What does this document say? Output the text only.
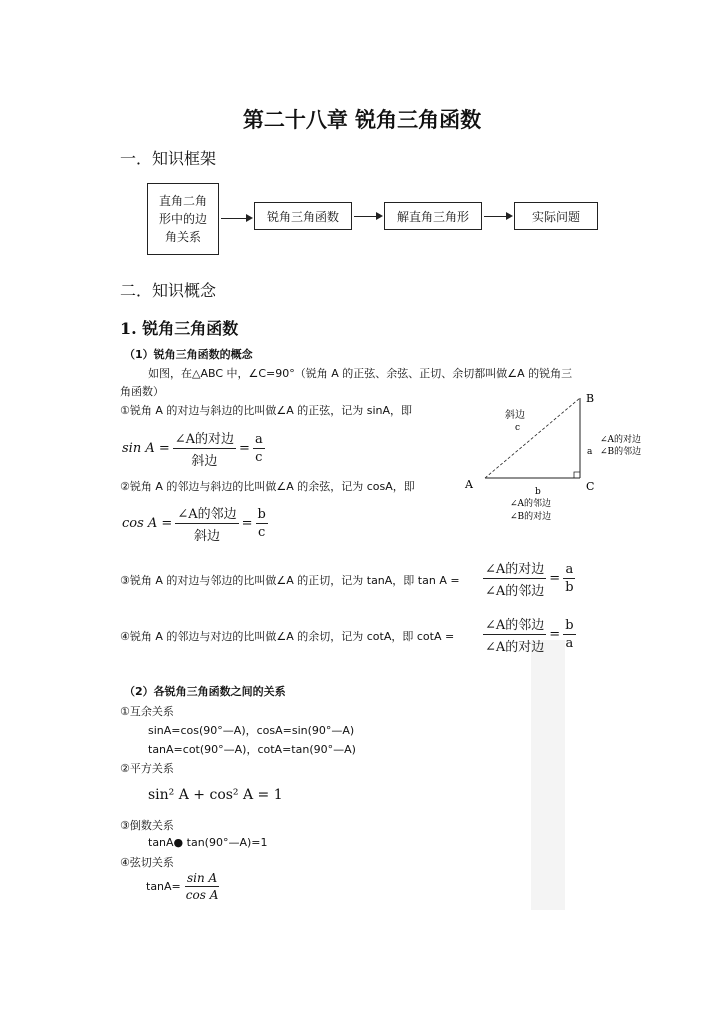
第二十八章 锐角三角函数
一．知识框架
直角二角
形中的边
角关系
锐角三角函数	解直角三角形	实际问题
二．知识概念
1. 锐角三角函数
（1）锐角三角函数的概念
如图，在△ABC 中，∠C=90°（锐角 A 的正弦、余弦、正切、余切都叫做∠A 的锐角三
角函数）
①锐角 A 的对边与斜边的比叫做∠A 的正弦，记为 sinA，即
sin A =
∠A的对边
斜边
= $\frac{a}{c}$
②锐角 A 的邻边与斜边的比叫做∠A 的余弦，记为 cosA，即
cos A =
∠A的邻边
斜边
= $\frac{b}{c}$
③锐角 A 的对边与邻边的比叫做∠A 的正切，记为 tanA，即 tan A =
∠A的对边
∠A的邻边
= $\frac{a}{b}$
④锐角 A 的邻边与对边的比叫做∠A 的余切，记为 cotA，即 cotA =
∠A的邻边
∠A的对边
= $\frac{b}{a}$
B
A	C
斜边
c
a
∠A的对边
∠B的邻边
b
∠A的邻边
∠B的对边
（2）各锐角三角函数之间的关系
①互余关系
sinA=cos(90°—A)，cosA=sin(90°—A)
tanA=cot(90°—A)，cotA=tan(90°—A)
②平方关系
sin² A + cos² A = 1
③倒数关系
tanA● tan(90°—A)=1
④弦切关系
$\tan A= \frac{\text{sin A}}{\text{cos A}}$
